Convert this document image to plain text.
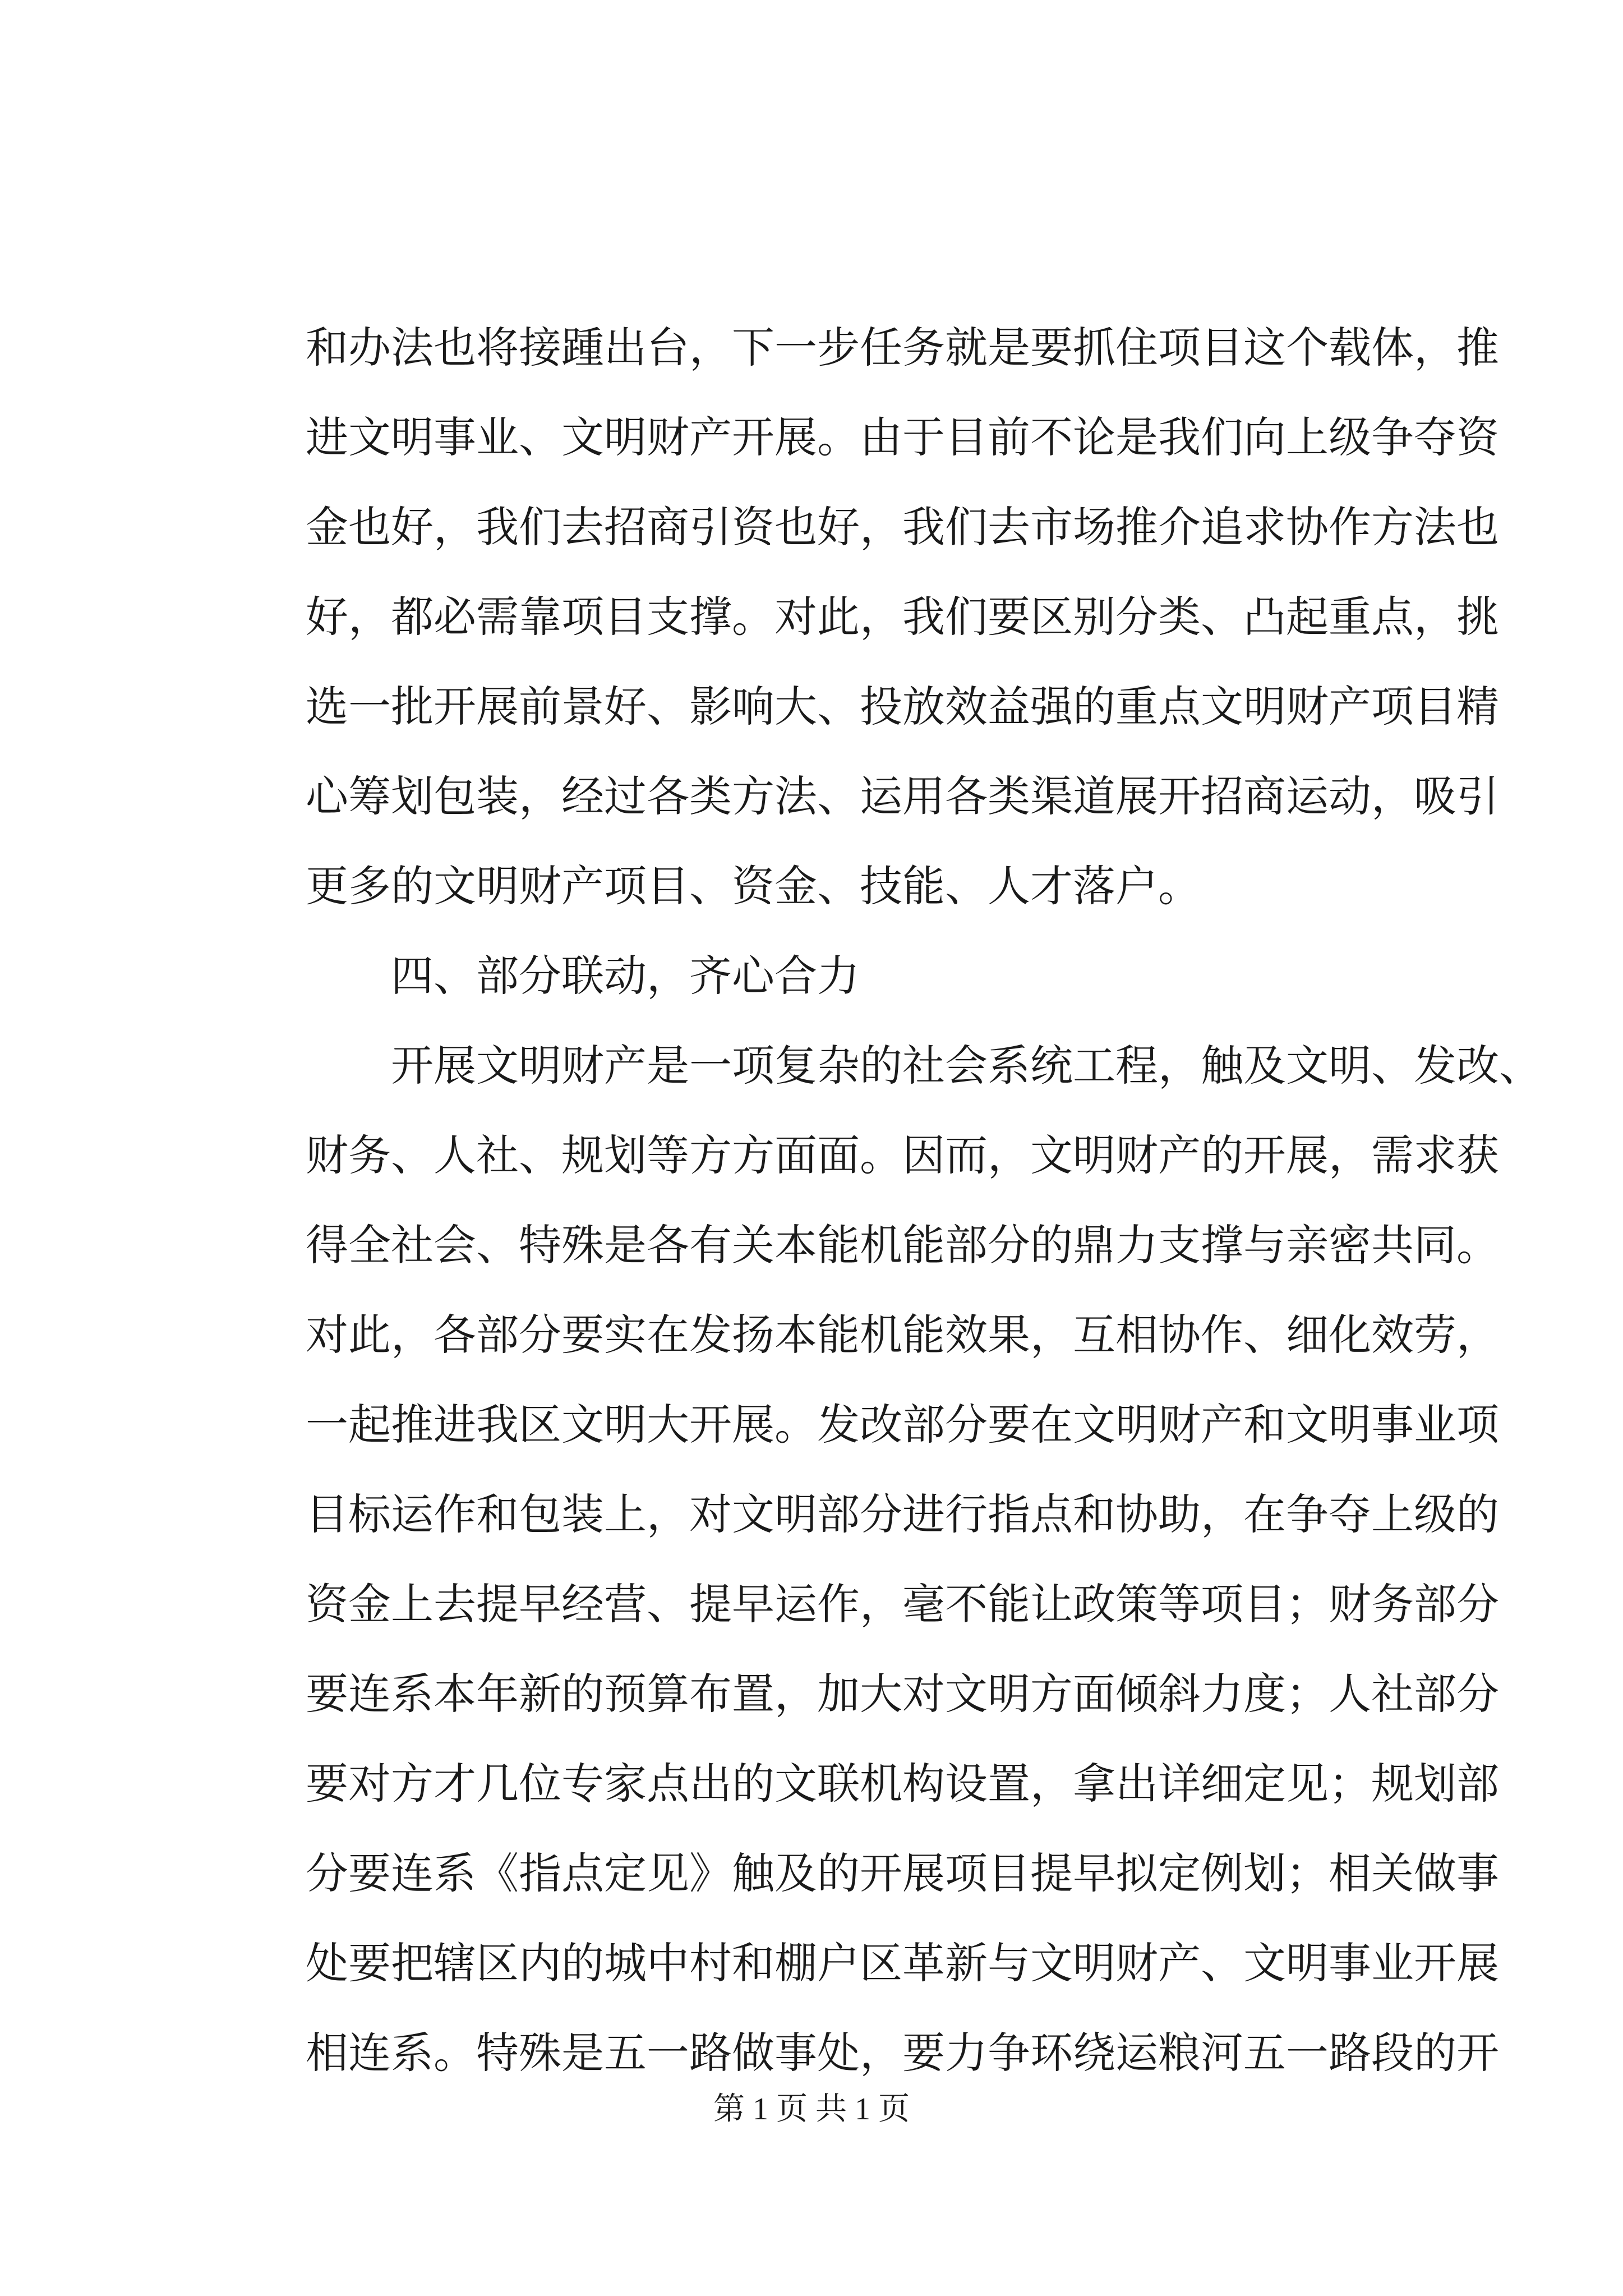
和办法也将接踵出台，下一步任务就是要抓住项目这个载体，推
进文明事业、文明财产开展。由于目前不论是我们向上级争夺资
金也好，我们去招商引资也好，我们去市场推介追求协作方法也
好，都必需靠项目支撑。对此，我们要区别分类、凸起重点，挑
选一批开展前景好、影响大、投放效益强的重点文明财产项目精
心筹划包装，经过各类方法、运用各类渠道展开招商运动，吸引
更多的文明财产项目、资金、技能、人才落户。
四、部分联动，齐心合力
开展文明财产是一项复杂的社会系统工程，触及文明、发改、
财务、人社、规划等方方面面。因而，文明财产的开展，需求获
得全社会、特殊是各有关本能机能部分的鼎力支撑与亲密共同。
对此，各部分要实在发扬本能机能效果，互相协作、细化效劳，
一起推进我区文明大开展。发改部分要在文明财产和文明事业项
目标运作和包装上，对文明部分进行指点和协助，在争夺上级的
资金上去提早经营、提早运作，毫不能让政策等项目；财务部分
要连系本年新的预算布置，加大对文明方面倾斜力度；人社部分
要对方才几位专家点出的文联机构设置，拿出详细定见；规划部
分要连系《指点定见》触及的开展项目提早拟定例划；相关做事
处要把辖区内的城中村和棚户区革新与文明财产、文明事业开展
相连系。特殊是五一路做事处，要力争环绕运粮河五一路段的开
第 1 页 共 1 页
